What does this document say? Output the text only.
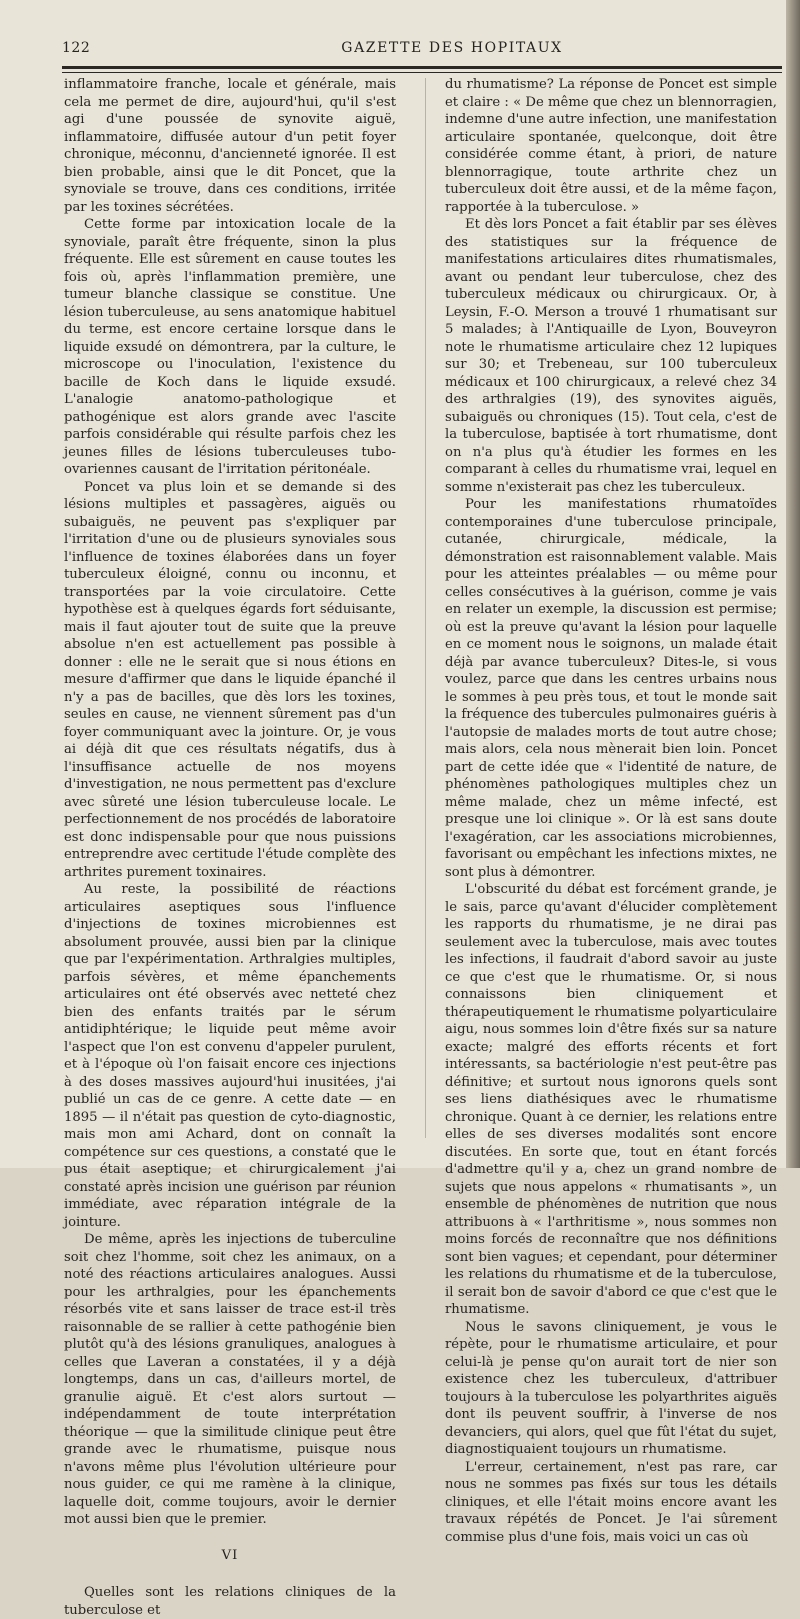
122	GAZETTE DES HOPITAUX

inflammatoire franche, locale et générale, mais cela me permet de dire, aujourd'hui, qu'il s'est agi d'une poussée de synovite aiguë, inflammatoire, diffusée autour d'un petit foyer chronique, méconnu, d'ancienneté ignorée. Il est bien probable, ainsi que le dit Poncet, que la synoviale se trouve, dans ces conditions, irritée par les toxines sécrétées.

Cette forme par intoxication locale de la synoviale, paraît être fréquente, sinon la plus fréquente. Elle est sûrement en cause toutes les fois où, après l'inflammation première, une tumeur blanche classique se constitue. Une lésion tuberculeuse, au sens anatomique habituel du terme, est encore certaine lorsque dans le liquide exsudé on démontrera, par la culture, le microscope ou l'inoculation, l'existence du bacille de Koch dans le liquide exsudé. L'analogie anatomo-pathologique et pathogénique est alors grande avec l'ascite parfois considérable qui résulte parfois chez les jeunes filles de lésions tuberculeuses tubo-ovariennes causant de l'irritation péritonéale.

Poncet va plus loin et se demande si des lésions multiples et passagères, aiguës ou subaiguës, ne peuvent pas s'expliquer par l'irritation d'une ou de plusieurs synoviales sous l'influence de toxines élaborées dans un foyer tuberculeux éloigné, connu ou inconnu, et transportées par la voie circulatoire. Cette hypothèse est à quelques égards fort séduisante, mais il faut ajouter tout de suite que la preuve absolue n'en est actuellement pas possible à donner : elle ne le serait que si nous étions en mesure d'affirmer que dans le liquide épanché il n'y a pas de bacilles, que dès lors les toxines, seules en cause, ne viennent sûrement pas d'un foyer communiquant avec la jointure. Or, je vous ai déjà dit que ces résultats négatifs, dus à l'insuffisance actuelle de nos moyens d'investigation, ne nous permettent pas d'exclure avec sûreté une lésion tuberculeuse locale. Le perfectionnement de nos procédés de laboratoire est donc indispensable pour que nous puissions entreprendre avec certitude l'étude complète des arthrites purement toxinaires.

Au reste, la possibilité de réactions articulaires aseptiques sous l'influence d'injections de toxines microbiennes est absolument prouvée, aussi bien par la clinique que par l'expérimentation. Arthralgies multiples, parfois sévères, et même épanchements articulaires ont été observés avec netteté chez bien des enfants traités par le sérum antidiphtérique; le liquide peut même avoir l'aspect que l'on est convenu d'appeler purulent, et à l'époque où l'on faisait encore ces injections à des doses massives aujourd'hui inusitées, j'ai publié un cas de ce genre. A cette date — en 1895 — il n'était pas question de cyto-diagnostic, mais mon ami Achard, dont on connaît la compétence sur ces questions, a constaté que le pus était aseptique; et chirurgicalement j'ai constaté après incision une guérison par réunion immédiate, avec réparation intégrale de la jointure.

De même, après les injections de tuberculine soit chez l'homme, soit chez les animaux, on a noté des réactions articulaires analogues. Aussi pour les arthralgies, pour les épanchements résorbés vite et sans laisser de trace est-il très raisonnable de se rallier à cette pathogénie bien plutôt qu'à des lésions granuliques, analogues à celles que Laveran a constatées, il y a déjà longtemps, dans un cas, d'ailleurs mortel, de granulie aiguë. Et c'est alors surtout — indépendamment de toute interprétation théorique — que la similitude clinique peut être grande avec le rhumatisme, puisque nous n'avons même plus l'évolution ultérieure pour nous guider, ce qui me ramène à la clinique, laquelle doit, comme toujours, avoir le dernier mot aussi bien que le premier.

VI

Quelles sont les relations cliniques de la tuberculose et

du rhumatisme? La réponse de Poncet est simple et claire : « De même que chez un blennorragien, indemne d'une autre infection, une manifestation articulaire spontanée, quelconque, doit être considérée comme étant, à priori, de nature blennorragique, toute arthrite chez un tuberculeux doit être aussi, et de la même façon, rapportée à la tuberculose. »

Et dès lors Poncet a fait établir par ses élèves des statistiques sur la fréquence de manifestations articulaires dites rhumatismales, avant ou pendant leur tuberculose, chez des tuberculeux médicaux ou chirurgicaux. Or, à Leysin, F.-O. Merson a trouvé 1 rhumatisant sur 5 malades; à l'Antiquaille de Lyon, Bouveyron note le rhumatisme articulaire chez 12 lupiques sur 30; et Trebeneau, sur 100 tuberculeux médicaux et 100 chirurgicaux, a relevé chez 34 des arthralgies (19), des synovites aiguës, subaiguës ou chroniques (15). Tout cela, c'est de la tuberculose, baptisée à tort rhumatisme, dont on n'a plus qu'à étudier les formes en les comparant à celles du rhumatisme vrai, lequel en somme n'existerait pas chez les tuberculeux.

Pour les manifestations rhumatoïdes contemporaines d'une tuberculose principale, cutanée, chirurgicale, médicale, la démonstration est raisonnablement valable. Mais pour les atteintes préalables — ou même pour celles consécutives à la guérison, comme je vais en relater un exemple, la discussion est permise; où est la preuve qu'avant la lésion pour laquelle en ce moment nous le soignons, un malade était déjà par avance tuberculeux? Dites-le, si vous voulez, parce que dans les centres urbains nous le sommes à peu près tous, et tout le monde sait la fréquence des tubercules pulmonaires guéris à l'autopsie de malades morts de tout autre chose; mais alors, cela nous mènerait bien loin. Poncet part de cette idée que « l'identité de nature, de phénomènes pathologiques multiples chez un même malade, chez un même infecté, est presque une loi clinique ». Or là est sans doute l'exagération, car les associations microbiennes, favorisant ou empêchant les infections mixtes, ne sont plus à démontrer.

L'obscurité du débat est forcément grande, je le sais, parce qu'avant d'élucider complètement les rapports du rhumatisme, je ne dirai pas seulement avec la tuberculose, mais avec toutes les infections, il faudrait d'abord savoir au juste ce que c'est que le rhumatisme. Or, si nous connaissons bien cliniquement et thérapeutiquement le rhumatisme polyarticulaire aigu, nous sommes loin d'être fixés sur sa nature exacte; malgré des efforts récents et fort intéressants, sa bactériologie n'est peut-être pas définitive; et surtout nous ignorons quels sont ses liens diathésiques avec le rhumatisme chronique. Quant à ce dernier, les relations entre elles de ses diverses modalités sont encore discutées. En sorte que, tout en étant forcés d'admettre qu'il y a, chez un grand nombre de sujets que nous appelons « rhumatisants », un ensemble de phénomènes de nutrition que nous attribuons à « l'arthritisme », nous sommes non moins forcés de reconnaître que nos définitions sont bien vagues; et cependant, pour déterminer les relations du rhumatisme et de la tuberculose, il serait bon de savoir d'abord ce que c'est que le rhumatisme.

Nous le savons cliniquement, je vous le répète, pour le rhumatisme articulaire, et pour celui-là je pense qu'on aurait tort de nier son existence chez les tuberculeux, d'attribuer toujours à la tuberculose les polyarthrites aiguës dont ils peuvent souffrir, à l'inverse de nos devanciers, qui alors, quel que fût l'état du sujet, diagnostiquaient toujours un rhumatisme.

L'erreur, certainement, n'est pas rare, car nous ne sommes pas fixés sur tous les détails cliniques, et elle l'était moins encore avant les travaux répétés de Poncet. Je l'ai sûrement commise plus d'une fois, mais voici un cas où
